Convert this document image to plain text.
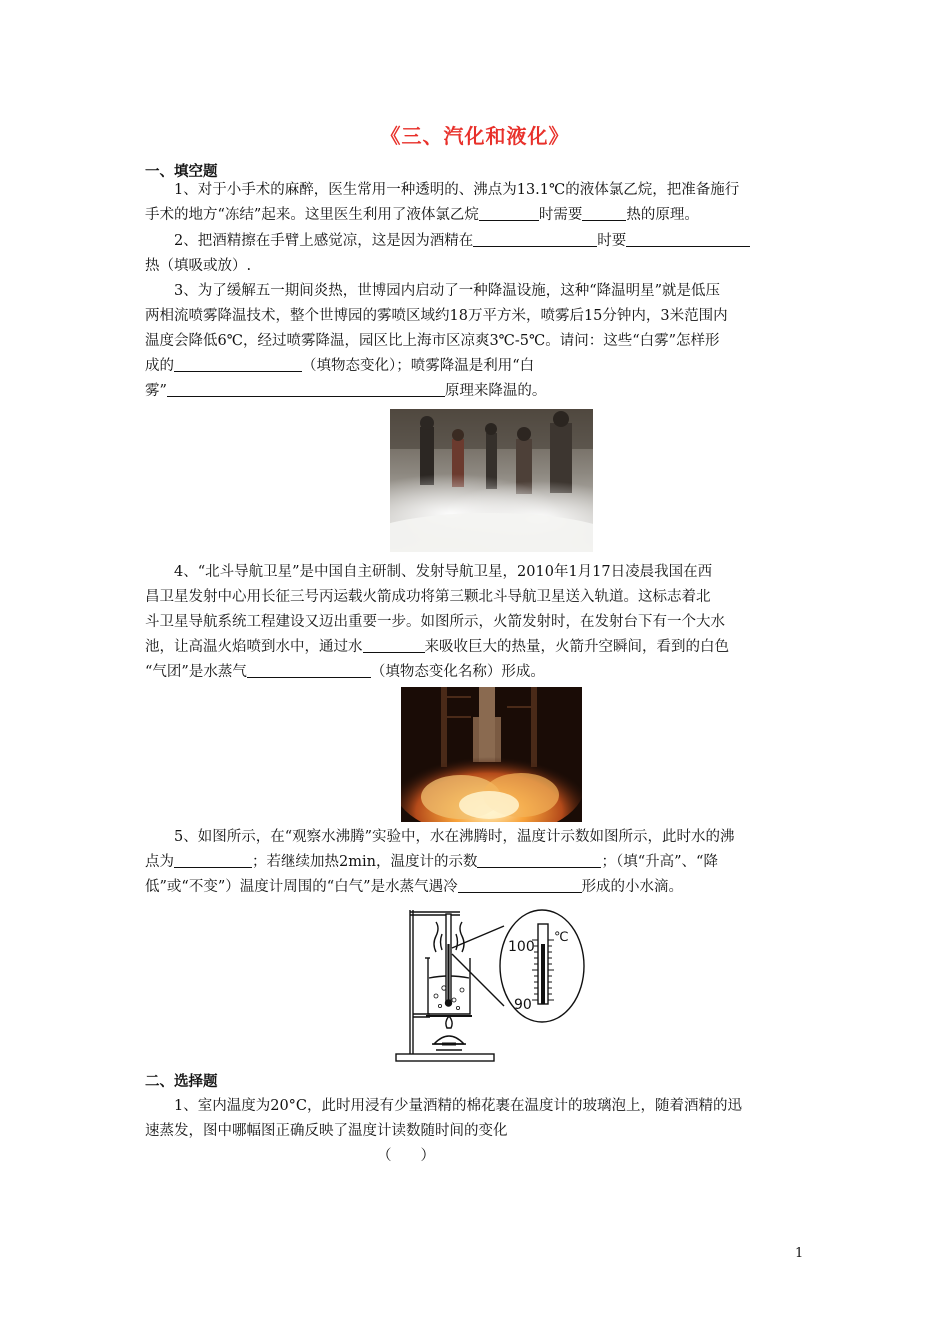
《三、汽化和液化》
一、填空题
1、对于小手术的麻醉，医生常用一种透明的、沸点为13.1℃的液体氯乙烷，把准备施行
手术的地方“冻结”起来。这里医生利用了液体氯乙烷	时需要	热的原理。
2、把酒精擦在手臂上感觉凉，这是因为酒精在	时要
热（填吸或放）.
3、为了缓解五一期间炎热，世博园内启动了一种降温设施，这种“降温明星”就是低压
两相流喷雾降温技术，整个世博园的雾喷区域约18万平方米，喷雾后15分钟内，3米范围内
温度会降低6℃，经过喷雾降温，园区比上海市区凉爽3℃-5℃。请问：这些“白雾”怎样形
成的	（填物态变化）；喷雾降温是利用“白
雾”	原理来降温的。
4、“北斗导航卫星”是中国自主研制、发射导航卫星，2010年1月17日凌晨我国在西
昌卫星发射中心用长征三号丙运载火箭成功将第三颗北斗导航卫星送入轨道。这标志着北
斗卫星导航系统工程建设又迈出重要一步。如图所示，火箭发射时，在发射台下有一个大水
池，让高温火焰喷到水中，通过水	来吸收巨大的热量，火箭升空瞬间，看到的白色
“气团”是水蒸气	（填物态变化名称）形成。
5、如图所示，在“观察水沸腾”实验中，水在沸腾时，温度计示数如图所示，此时水的沸
点为	；若继续加热2min，温度计的示数	；（填“升高”、“降
低”或“不变”）温度计周围的“白气”是水蒸气遇冷	形成的小水滴。
100
90
℃
二、选择题
1、室内温度为20°C，此时用浸有少量酒精的棉花裹在温度计的玻璃泡上，随着酒精的迅
速蒸发，图中哪幅图正确反映了温度计读数随时间的变化
（　　）
1
